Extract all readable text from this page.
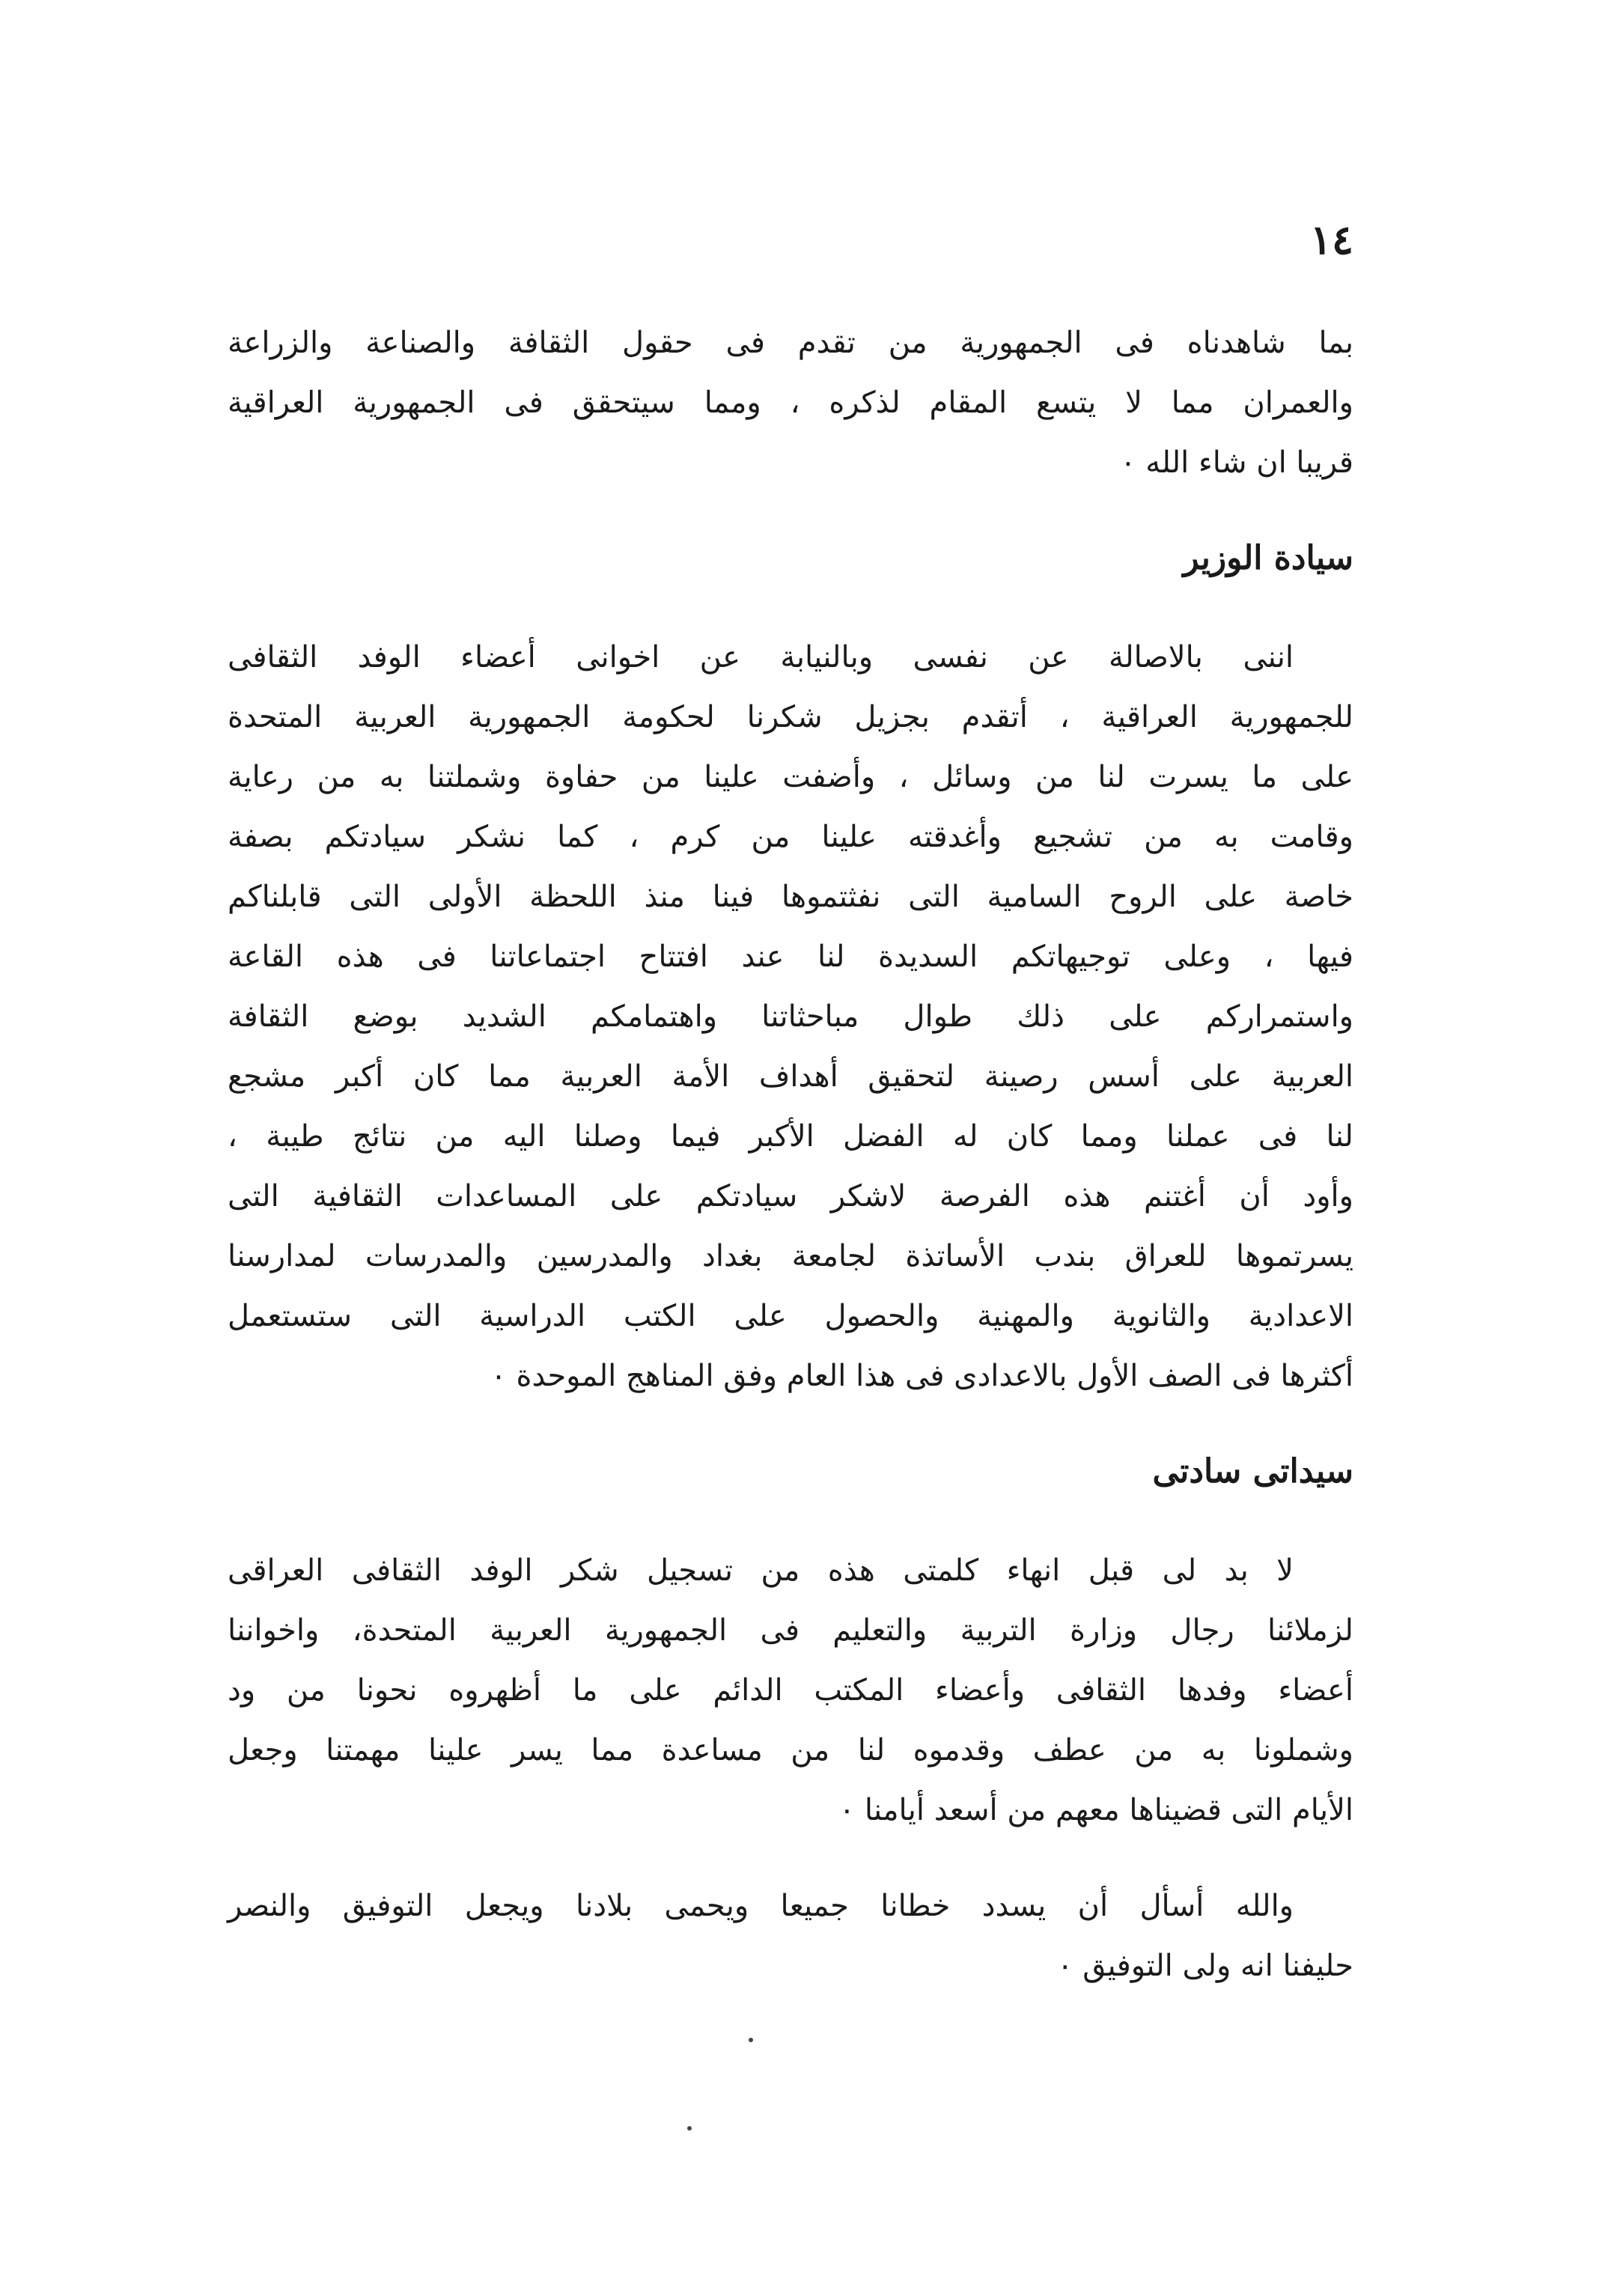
١٤
بما شاهدناه فى الجمهورية من تقدم فى حقول الثقافة والصناعة والزراعة
والعمران مما لا يتسع المقام لذكره ، ومما سيتحقق فى الجمهورية العراقية
قريبا ان شاء الله ٠
سيادة الوزير
اننى بالاصالة عن نفسى وبالنيابة عن اخوانى أعضاء الوفد الثقافى
للجمهورية العراقية ، أتقدم بجزيل شكرنا لحكومة الجمهورية العربية المتحدة
على ما يسرت لنا من وسائل ، وأضفت علينا من حفاوة وشملتنا به من رعاية
وقامت به من تشجيع وأغدقته علينا من كرم ، كما نشكر سيادتكم بصفة
خاصة على الروح السامية التى نفثتموها فينا منذ اللحظة الأولى التى قابلناكم
فيها ، وعلى توجيهاتكم السديدة لنا عند افتتاح اجتماعاتنا فى هذه القاعة
واستمراركم على ذلك طوال مباحثاتنا واهتمامكم الشديد بوضع الثقافة
العربية على أسس رصينة لتحقيق أهداف الأمة العربية مما كان أكبر مشجع
لنا فى عملنا ومما كان له الفضل الأكبر فيما وصلنا اليه من نتائج طيبة ،
وأود أن أغتنم هذه الفرصة لاشكر سيادتكم على المساعدات الثقافية التى
يسرتموها للعراق بندب الأساتذة لجامعة بغداد والمدرسين والمدرسات لمدارسنا
الاعدادية والثانوية والمهنية والحصول على الكتب الدراسية التى ستستعمل
أكثرها فى الصف الأول بالاعدادى فى هذا العام وفق المناهج الموحدة ٠
سيداتى سادتى
لا بد لى قبل انهاء كلمتى هذه من تسجيل شكر الوفد الثقافى العراقى
لزملائنا رجال وزارة التربية والتعليم فى الجمهورية العربية المتحدة، واخواننا
أعضاء وفدها الثقافى وأعضاء المكتب الدائم على ما أظهروه نحونا من ود
وشملونا به من عطف وقدموه لنا من مساعدة مما يسر علينا مهمتنا وجعل
الأيام التى قضيناها معهم من أسعد أيامنا ٠
والله أسأل أن يسدد خطانا جميعا ويحمى بلادنا ويجعل التوفيق والنصر
حليفنا انه ولى التوفيق ٠
